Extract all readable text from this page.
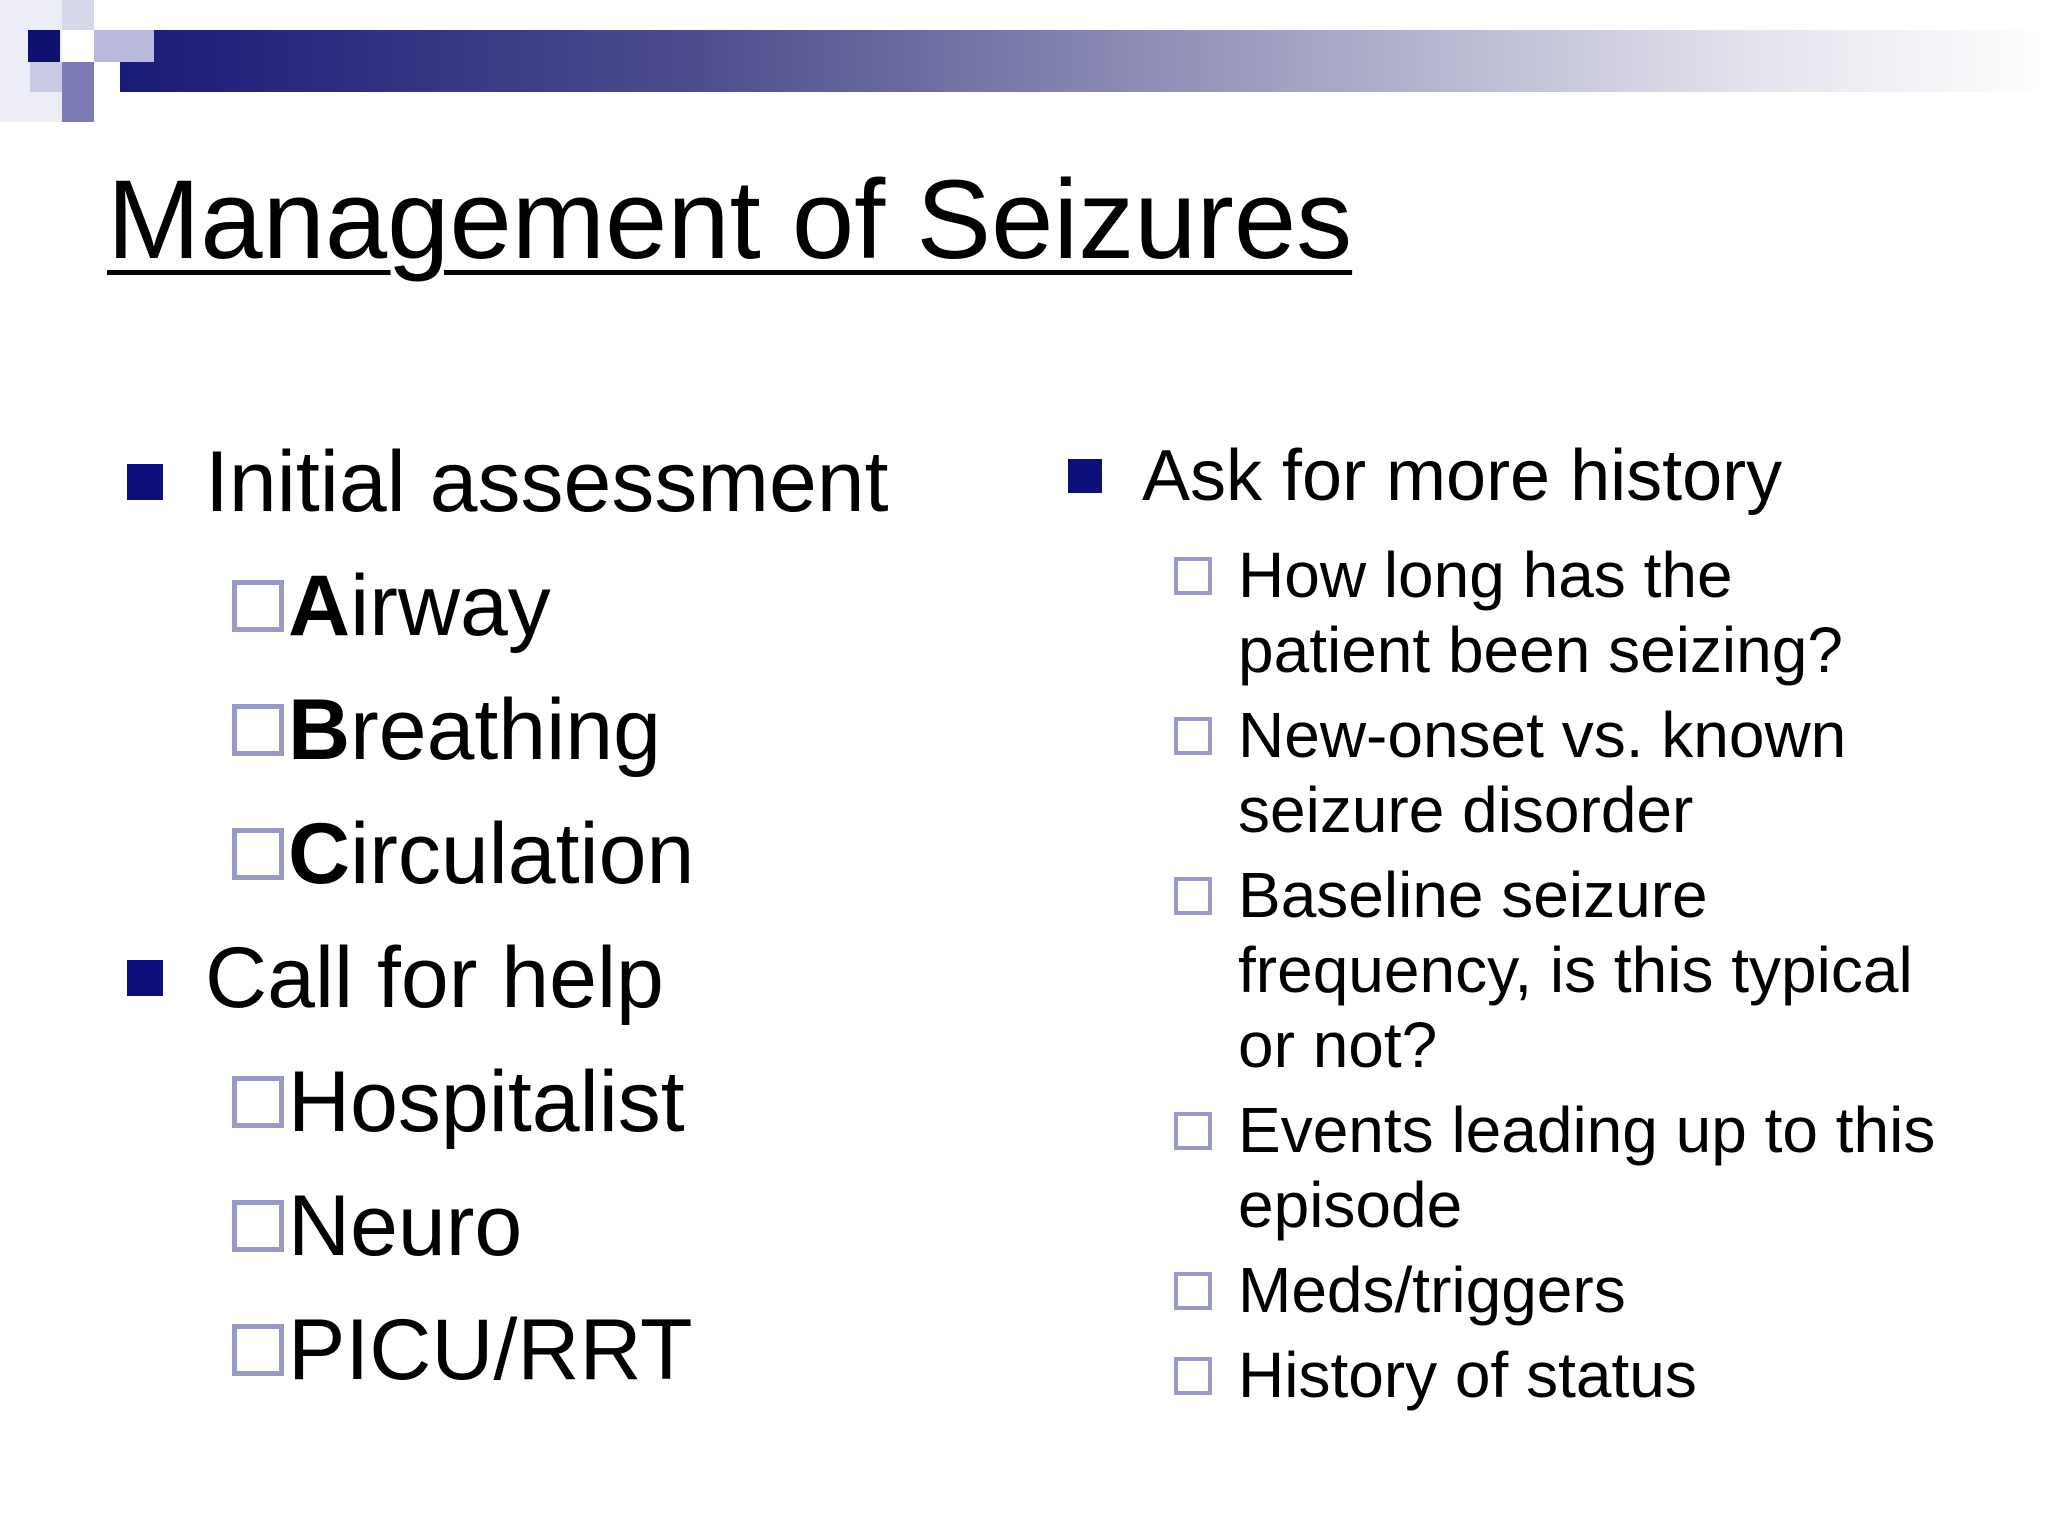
Management of Seizures
Initial assessment
A irway
B reathing
C irculation
Call for help
Hospitalist
Neuro
PICU/RRT
Ask for more history
How long has the patient been seizing?
New-onset vs. known seizure disorder
Baseline seizure frequency, is this typical or not?
Events leading up to this episode
Meds/triggers
History of status
